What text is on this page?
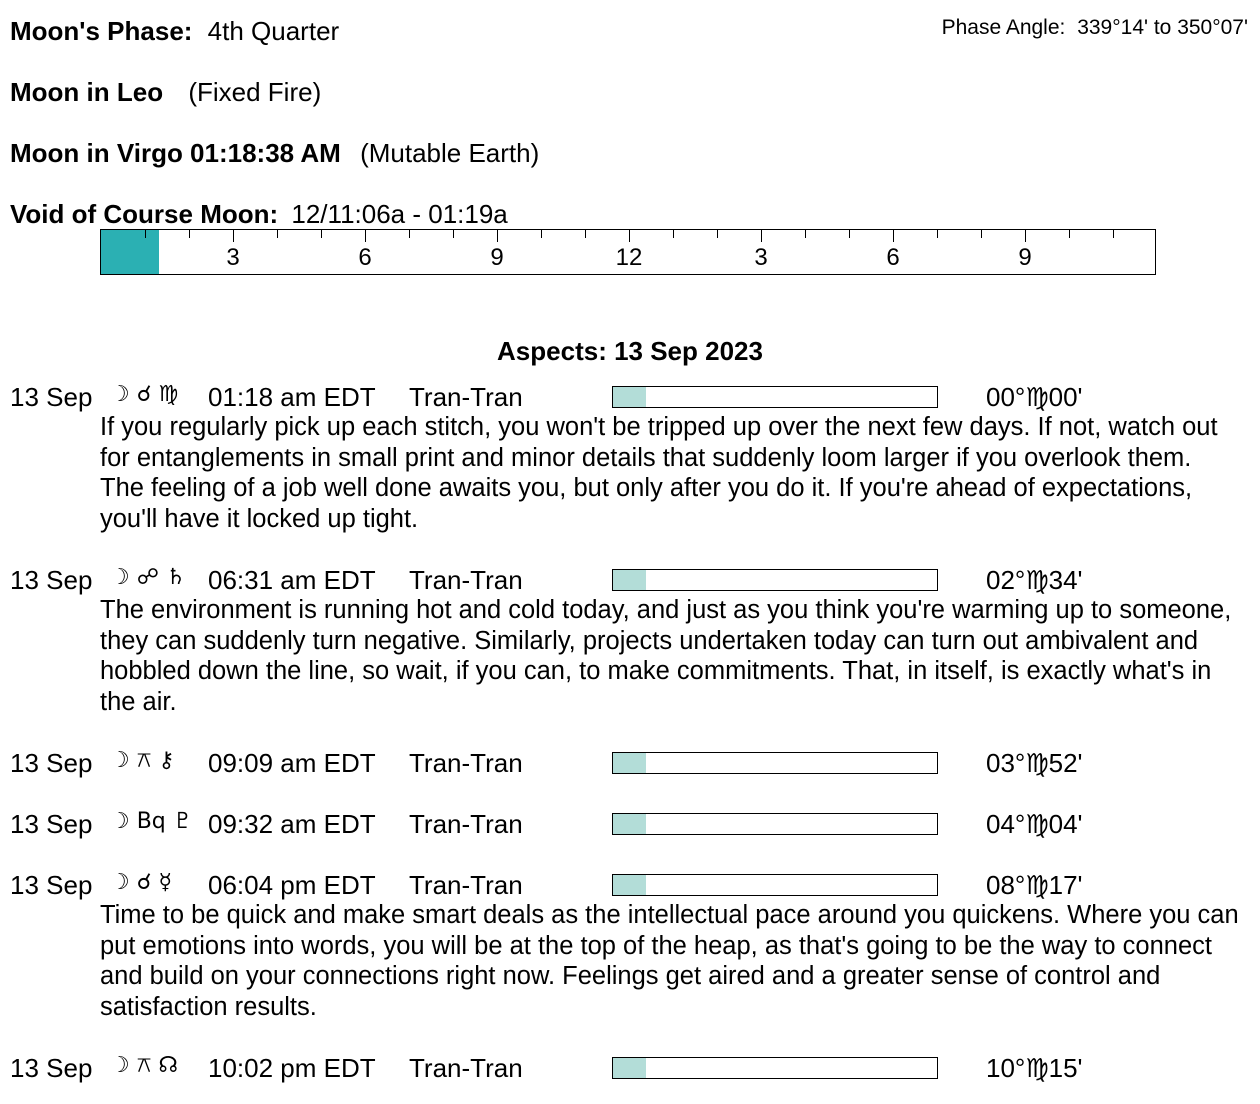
Moon's Phase: 4th Quarter	Phase Angle: 339°14' to 350°07'
Moon in Leo (Fixed Fire)
Moon in Virgo 01:18:38 AM (Mutable Earth)
Void of Course Moon: 12/11:06a - 01:19a
3	6	9	12	3	6	9
Aspects: 13 Sep 2023
13 Sep ☽ ☌ ♍ 01:18 am EDT Tran-Tran	00°♍00'
If you regularly pick up each stitch, you won't be tripped up over the next few days. If not, watch out for entanglements in small print and minor details that suddenly loom larger if you overlook them. The feeling of a job well done awaits you, but only after you do it. If you're ahead of expectations, you'll have it locked up tight.
13 Sep ☽ ☍ ♄ 06:31 am EDT Tran-Tran	02°♍34'
The environment is running hot and cold today, and just as you think you're warming up to someone, they can suddenly turn negative. Similarly, projects undertaken today can turn out ambivalent and hobbled down the line, so wait, if you can, to make commitments. That, in itself, is exactly what's in the air.
13 Sep ☽ ⚻ ⚷ 09:09 am EDT Tran-Tran	03°♍52'
13 Sep ☽ Bq ♇ 09:32 am EDT Tran-Tran	04°♍04'
13 Sep ☽ ☌ ☿ 06:04 pm EDT Tran-Tran	08°♍17'
Time to be quick and make smart deals as the intellectual pace around you quickens. Where you can put emotions into words, you will be at the top of the heap, as that's going to be the way to connect and build on your connections right now. Feelings get aired and a greater sense of control and satisfaction results.
13 Sep ☽ ⚻ ☊ 10:02 pm EDT Tran-Tran	10°♍15'
